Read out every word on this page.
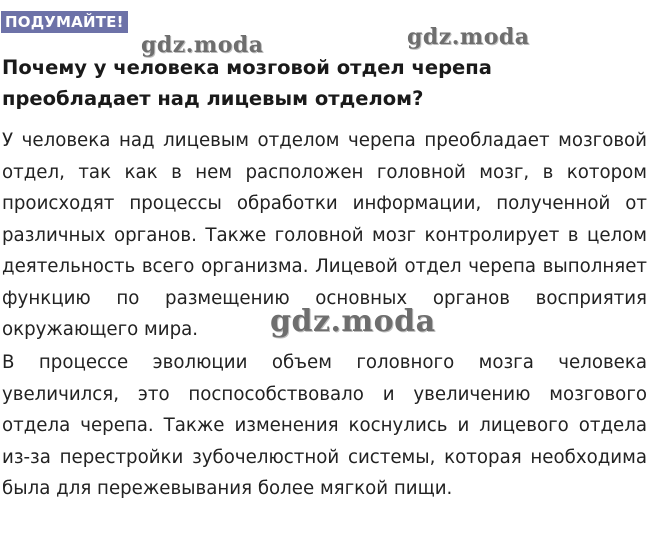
ПОДУМАЙТЕ!
gdz.moda	gdz.moda
Почему у человека мозговой отдел черепа преобладает над лицевым отделом?
У человека над лицевым отделом черепа преобладает мозговой отдел, так как в нем расположен головной мозг, в котором происходят процессы обработки информации, полученной от различных органов. Также головной мозг контролирует в целом деятельность всего организма. Лицевой отдел черепа выполняет функцию по размещению основных органов восприятия окружающего мира.
В процессе эволюции объем головного мозга человека увеличился, это поспособствовало и увеличению мозгового отдела черепа. Также изменения коснулись и лицевого отдела из-за перестройки зубочелюстной системы, которая необходима была для пережевывания более мягкой пищи.
gdz.moda
